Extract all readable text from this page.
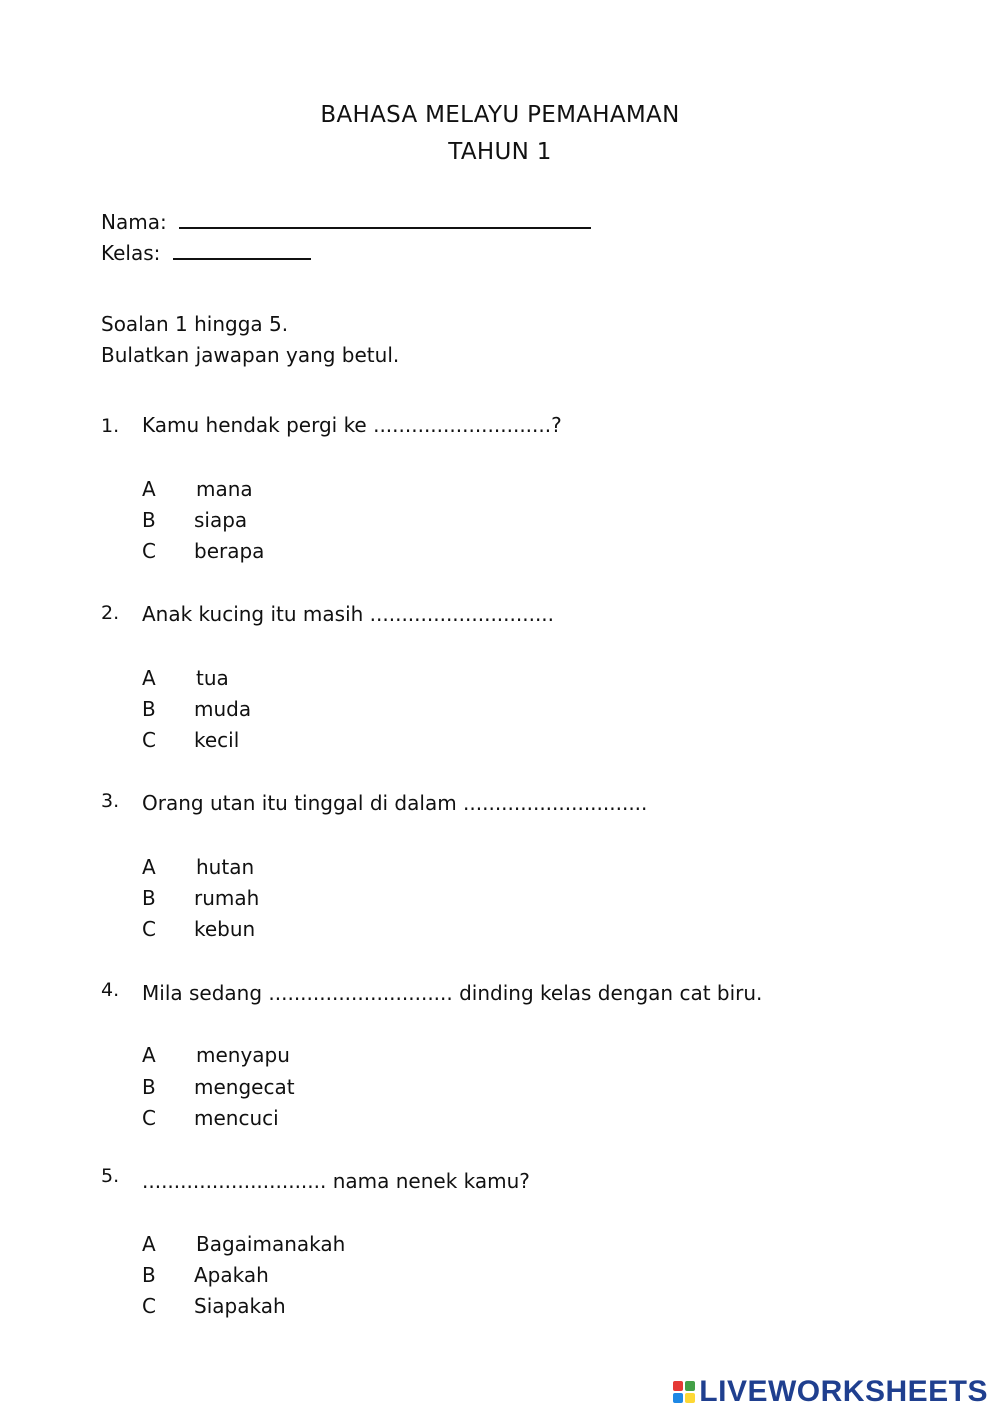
BAHASA MELAYU PEMAHAMAN
TAHUN 1
Nama:
Kelas:
Soalan 1 hingga 5.
Bulatkan jawapan yang betul.
1. Kamu hendak pergi ke ............................?
A mana
B siapa
C berapa
2. Anak kucing itu masih .............................
A tua
B muda
C kecil
3. Orang utan itu tinggal di dalam .............................
A hutan
B rumah
C kebun
4. Mila sedang ............................. dinding kelas dengan cat biru.
A menyapu
B mengecat
C mencuci
5. ............................. nama nenek kamu?
A Bagaimanakah
B Apakah
C Siapakah
LIVEWORKSHEETS
